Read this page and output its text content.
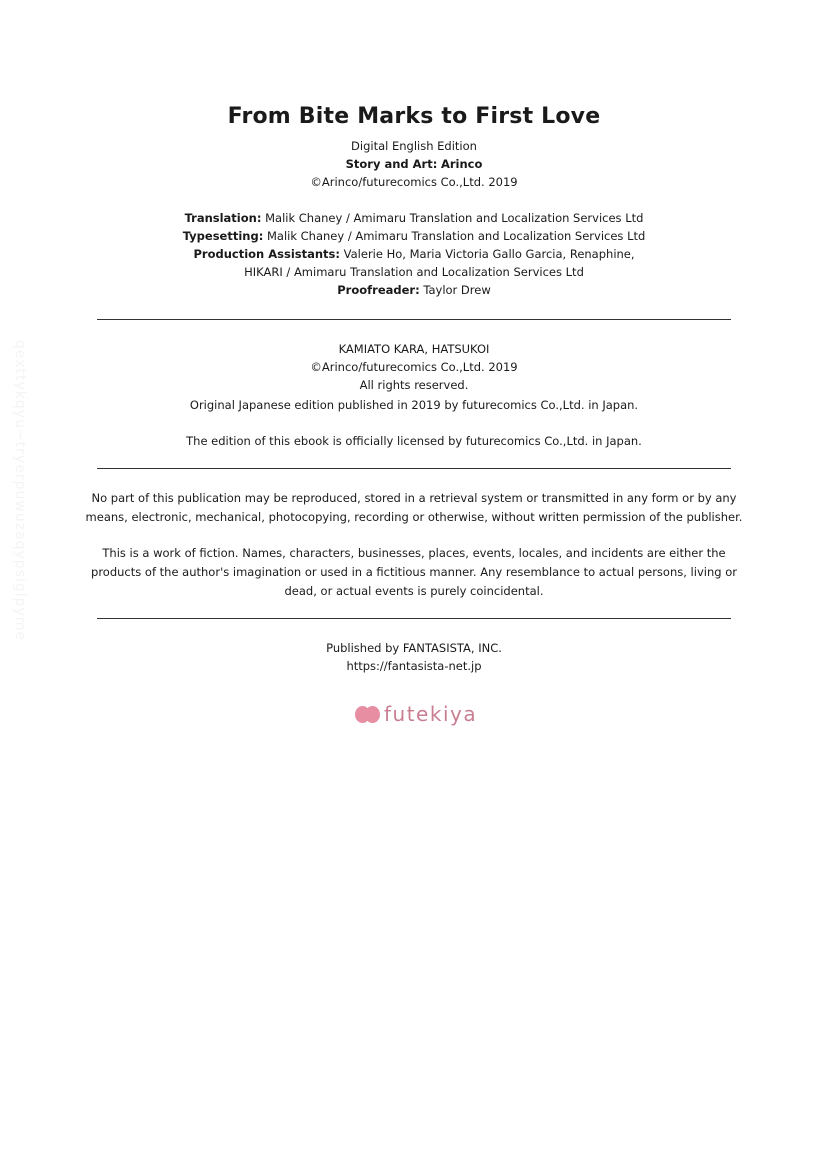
qexttykqyu~tryerpuwuzaqypsiglpyme
From Bite Marks to First Love
Digital English Edition
Story and Art: Arinco
©Arinco/futurecomics Co.,Ltd. 2019
Translation: Malik Chaney / Amimaru Translation and Localization Services Ltd
Typesetting: Malik Chaney / Amimaru Translation and Localization Services Ltd
Production Assistants: Valerie Ho, Maria Victoria Gallo Garcia, Renaphine,
HIKARI / Amimaru Translation and Localization Services Ltd
Proofreader: Taylor Drew
KAMIATO KARA, HATSUKOI
©Arinco/futurecomics Co.,Ltd. 2019
All rights reserved.
Original Japanese edition published in 2019 by futurecomics Co.,Ltd. in Japan.
The edition of this ebook is officially licensed by futurecomics Co.,Ltd. in Japan.
No part of this publication may be reproduced, stored in a retrieval system or transmitted in any form or by any
means, electronic, mechanical, photocopying, recording or otherwise, without written permission of the publisher.
This is a work of fiction. Names, characters, businesses, places, events, locales, and incidents are either the
products of the author's imagination or used in a fictitious manner. Any resemblance to actual persons, living or
dead, or actual events is purely coincidental.
Published by FANTASISTA, INC.
https://fantasista-net.jp
futekiya
